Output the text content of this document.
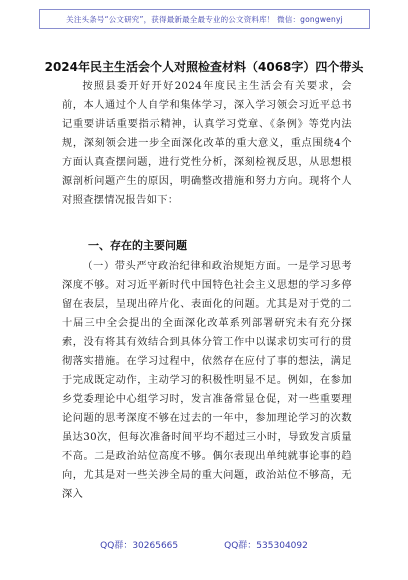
关注头条号“公文研究”，获得最新最全最专业的公文资料库！ 微信：gongwenyj
2024年民主生活会个人对照检查材料（4068字）四个带头

按照县委开好开好2024年度民主生活会有关要求，会前，本人通过个人自学和集体学习，深入学习领会习近平总书记重要讲话重要指示精神，认真学习党章、《条例》等党内法规，深刻领会进一步全面深化改革的重大意义，重点围绕4个方面认真查摆问题，进行党性分析，深刻检视反思，从思想根源剖析问题产生的原因，明确整改措施和努力方向。现将个人对照查摆情况报告如下：

一、存在的主要问题

（一）带头严守政治纪律和政治规矩方面。一是学习思考深度不够。对习近平新时代中国特色社会主义思想的学习多停留在表层，呈现出碎片化、表面化的问题。尤其是对于党的二十届三中全会提出的全面深化改革系列部署研究未有充分探索，没有将其有效结合到具体分管工作中以谋求切实可行的贯彻落实措施。在学习过程中，依然存在应付了事的想法，满足于完成既定动作，主动学习的积极性明显不足。例如，在参加乡党委理论中心组学习时，发言准备常显仓促，对一些重要理论问题的思考深度不够在过去的一年中，参加理论学习的次数虽达30次，但每次准备时间平均不超过三小时，导致发言质量不高。二是政治站位高度不够。偶尔表现出单纯就事论事的趋向，尤其是对一些关涉全局的重大问题，政治站位不够高，无深入

QQ群：30265665	QQ群：535304092
